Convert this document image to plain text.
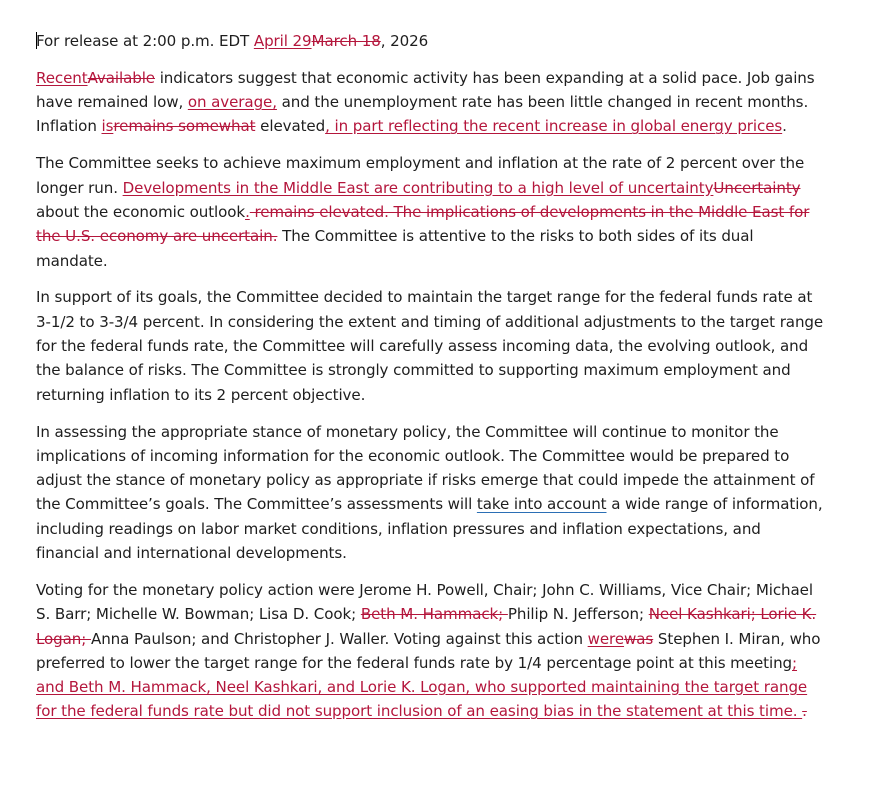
For release at 2:00 p.m. EDT April 29March 18, 2026

RecentAvailable indicators suggest that economic activity has been expanding at a solid pace. Job gains have remained low, on average, and the unemployment rate has been little changed in recent months. Inflation isremains somewhat elevated, in part reflecting the recent increase in global energy prices.

The Committee seeks to achieve maximum employment and inflation at the rate of 2 percent over the longer run. Developments in the Middle East are contributing to a high level of uncertaintyUncertainty about the economic outlook. remains elevated. The implications of developments in the Middle East for the U.S. economy are uncertain. The Committee is attentive to the risks to both sides of its dual mandate.

In support of its goals, the Committee decided to maintain the target range for the federal funds rate at 3-1/2 to 3-3/4 percent. In considering the extent and timing of additional adjustments to the target range for the federal funds rate, the Committee will carefully assess incoming data, the evolving outlook, and the balance of risks. The Committee is strongly committed to supporting maximum employment and returning inflation to its 2 percent objective.

In assessing the appropriate stance of monetary policy, the Committee will continue to monitor the implications of incoming information for the economic outlook. The Committee would be prepared to adjust the stance of monetary policy as appropriate if risks emerge that could impede the attainment of the Committee’s goals. The Committee’s assessments will take into account a wide range of information, including readings on labor market conditions, inflation pressures and inflation expectations, and financial and international developments.

Voting for the monetary policy action were Jerome H. Powell, Chair; John C. Williams, Vice Chair; Michael S. Barr; Michelle W. Bowman; Lisa D. Cook; Beth M. Hammack; Philip N. Jefferson; Neel Kashkari; Lorie K. Logan; Anna Paulson; and Christopher J. Waller. Voting against this action werewas Stephen I. Miran, who preferred to lower the target range for the federal funds rate by 1/4 percentage point at this meeting; and Beth M. Hammack, Neel Kashkari, and Lorie K. Logan, who supported maintaining the target range for the federal funds rate but did not support inclusion of an easing bias in the statement at this time. .
